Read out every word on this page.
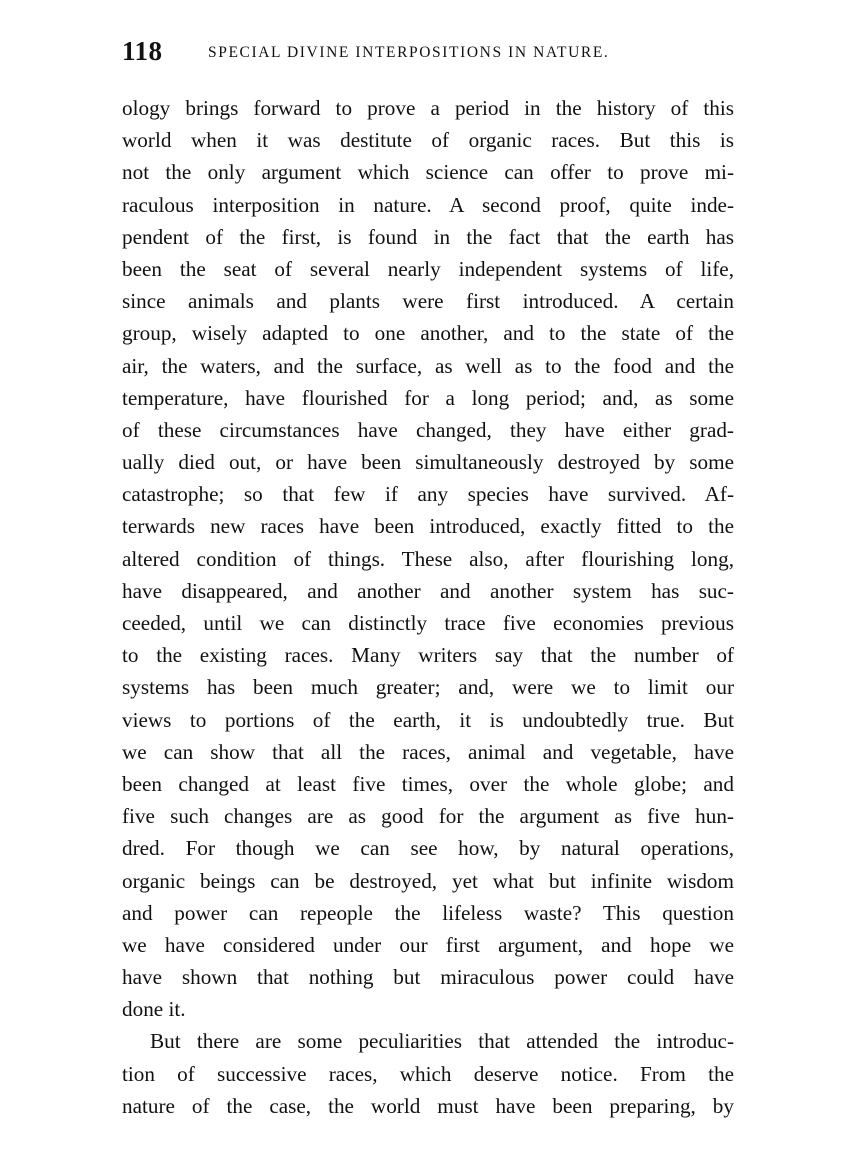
118	SPECIAL DIVINE INTERPOSITIONS IN NATURE.
ology brings forward to prove a period in the history of this
world when it was destitute of organic races. But this is
not the only argument which science can offer to prove mi-
raculous interposition in nature. A second proof, quite inde-
pendent of the first, is found in the fact that the earth has
been the seat of several nearly independent systems of life,
since animals and plants were first introduced. A certain
group, wisely adapted to one another, and to the state of the
air, the waters, and the surface, as well as to the food and the
temperature, have flourished for a long period; and, as some
of these circumstances have changed, they have either grad-
ually died out, or have been simultaneously destroyed by some
catastrophe; so that few if any species have survived. Af-
terwards new races have been introduced, exactly fitted to the
altered condition of things. These also, after flourishing long,
have disappeared, and another and another system has suc-
ceeded, until we can distinctly trace five economies previous
to the existing races. Many writers say that the number of
systems has been much greater; and, were we to limit our
views to portions of the earth, it is undoubtedly true. But
we can show that all the races, animal and vegetable, have
been changed at least five times, over the whole globe; and
five such changes are as good for the argument as five hun-
dred. For though we can see how, by natural operations,
organic beings can be destroyed, yet what but infinite wisdom
and power can repeople the lifeless waste? This question
we have considered under our first argument, and hope we
have shown that nothing but miraculous power could have
done it.
But there are some peculiarities that attended the introduc-
tion of successive races, which deserve notice. From the
nature of the case, the world must have been preparing, by
